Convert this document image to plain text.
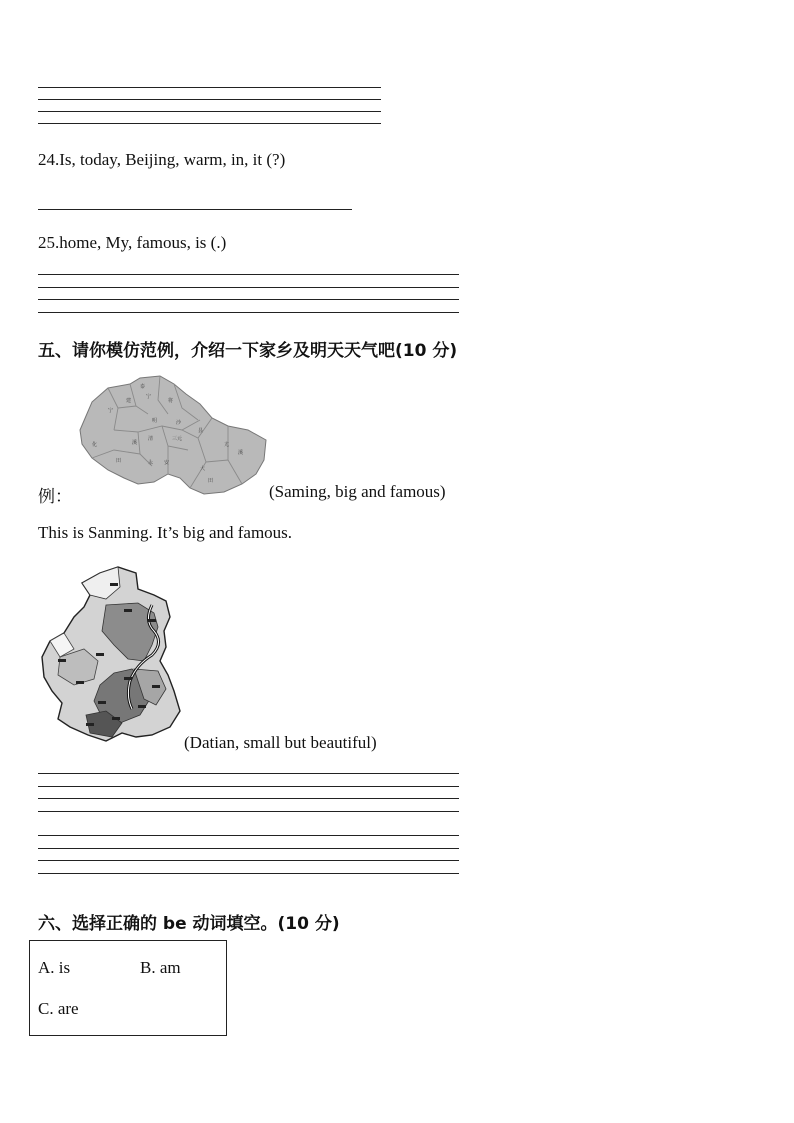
24.Is, today, Beijing, warm, in, it (?)
25.home, My, famous, is (.)
五、请你模仿范例，介绍一下家乡及明天天气吧(10 分)
泰
建
宁
将
宁
明	沙
县
化	溪
清	三元
尤
溪
永 安
大
田
田
例：	(Saming, big and famous)
This is Sanming. It’s big and famous.
(Datian, small but beautiful)
六、选择正确的 be 动词填空。(10 分)
A. is	B. am
C. are
